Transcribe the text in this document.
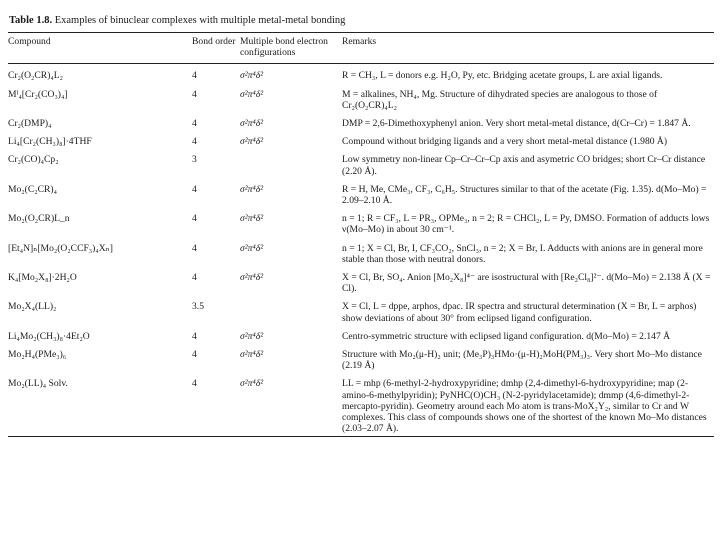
Table 1.8. Examples of binuclear complexes with multiple metal-metal bonding
Compound	Bond order	Multiple bond electron configurations	Remarks
Cr₂(O₂CR)₄L₂	4	σ²π⁴δ²	R = CH₃, L = donors e.g. H₂O, Py, etc. Bridging acetate groups, L are axial ligands.
Mᴵ₄[Cr₂(CO₃)₄]	4	σ²π⁴δ²	M = alkalines, NH₄, Mg. Structure of dihydrated species are analogous to those of Cr₂(O₂CR)₄L₂
Cr₂(DMP)₄	4	σ²π⁴δ²	DMP = 2,6-Dimethoxyphenyl anion. Very short metal-metal distance, d(Cr–Cr) = 1.847 Å.
Li₄[Cr₂(CH₃)₈]·4THF	4	σ²π⁴δ²	Compound without bridging ligands and a very short metal-metal distance (1.980 Å)
Cr₂(CO)₄Cp₂	3		Low symmetry non-linear Cp–Cr–Cr–Cp axis and asymetric CO bridges; short Cr–Cr distance (2.20 Å).
Mo₂(C₂CR)₄	4	σ²π⁴δ²	R = H, Me, CMe₃, CF₃, C₆H₅. Structures similar to that of the acetate (Fig. 1.35). d(Mo–Mo) = 2.09–2.10 Å.
Mo₂(O₂CR)L_n	4	σ²π⁴δ²	n = 1; R = CF₃, L = PR₃, OPMe₃, n = 2; R = CHCl₂, L = Py, DMSO. Formation of adducts lows ν(Mo–Mo) in about 30 cm⁻¹.
[Et₄N]ₙ[Mo₂(O₂CCF₃)₄Xₙ]	4	σ²π⁴δ²	n = 1; X = Cl, Br, I, CF₃CO₂, SnCl₃, n = 2; X = Br, I. Adducts with anions are in general more stable than those with neutral donors.
K₄[Mo₂X₈]·2H₂O	4	σ²π⁴δ²	X = Cl, Br, SO₄. Anion [Mo₂X₈]⁴⁻ are isostructural with [Re₂Cl₈]²⁻. d(Mo–Mo) = 2.138 Å (X = Cl).
Mo₂X₄(LL)₂	3.5		X = Cl, L = dppe, arphos, dpac. IR spectra and structural determination (X = Br, L = arphos) show deviations of about 30° from eclipsed ligand configuration.
Li₄Mo₂(CH₃)₈·4Et₂O	4	σ²π⁴δ²	Centro-symmetric structure with eclipsed ligand configuration. d(Mo–Mo) = 2.147 Å
Mo₂H₄(PMe₃)₆	4	σ²π⁴δ²	Structure with Mo₂(μ-H)₂ unit; (Me₃P)₃HMo·(μ-H)₂MoH(PM₃)₃. Very short Mo–Mo distance (2.19 Å)
Mo₂(LL)₄ Solv.	4	σ²π⁴δ²	LL = mhp (6-methyl-2-hydroxypyridine; dmhp (2,4-dimethyl-6-hydroxypyridine; map (2-amino-6-methylpyridin); PyNHC(O)CH₃ (N-2-pyridylacetamide); dmmp (4,6-dimethyl-2-mercapto-pyridin). Geometry around each Mo atom is trans-MoX₂Y₂, similar to Cr and W complexes. This class of compounds shows one of the shortest of the known Mo–Mo distances (2.03–2.07 Å).
